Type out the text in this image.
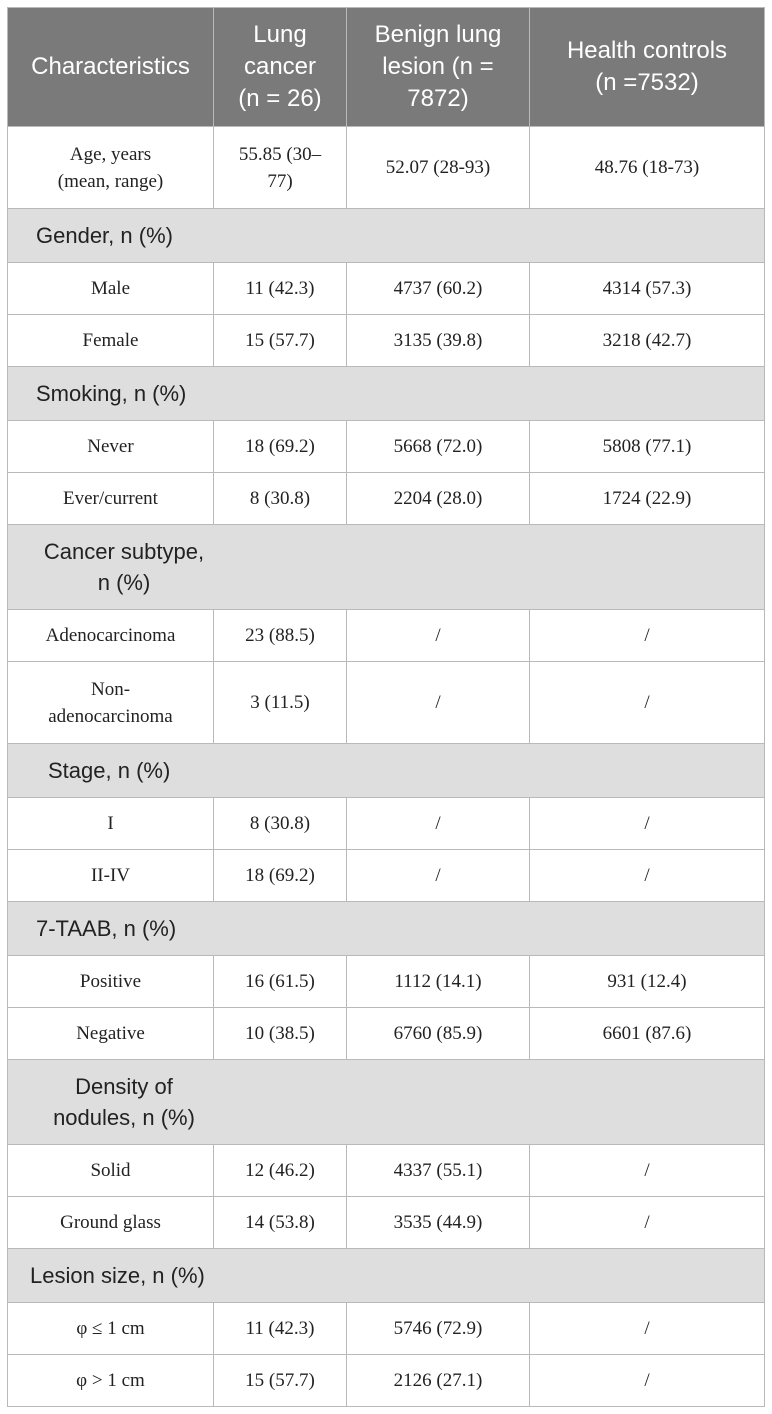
Characteristics	Lung cancer (n = 26)	Benign lung lesion (n = 7872)	Health controls (n =7532)
Age, years (mean, range)	55.85 (30–77)	52.07 (28-93)	48.76 (18-73)
Gender, n (%)			
Male	11 (42.3)	4737 (60.2)	4314 (57.3)
Female	15 (57.7)	3135 (39.8)	3218 (42.7)
Smoking, n (%)			
Never	18 (69.2)	5668 (72.0)	5808 (77.1)
Ever/current	8 (30.8)	2204 (28.0)	1724 (22.9)
Cancer subtype, n (%)			
Adenocarcinoma	23 (88.5)	/	/
Non-adenocarcinoma	3 (11.5)	/	/
Stage, n (%)			
I	8 (30.8)	/	/
II-IV	18 (69.2)	/	/
7-TAAB, n (%)			
Positive	16 (61.5)	1112 (14.1)	931 (12.4)
Negative	10 (38.5)	6760 (85.9)	6601 (87.6)
Density of nodules, n (%)			
Solid	12 (46.2)	4337 (55.1)	/
Ground glass	14 (53.8)	3535 (44.9)	/
Lesion size, n (%)			
φ ≤ 1 cm	11 (42.3)	5746 (72.9)	/
φ > 1 cm	15 (57.7)	2126 (27.1)	/
